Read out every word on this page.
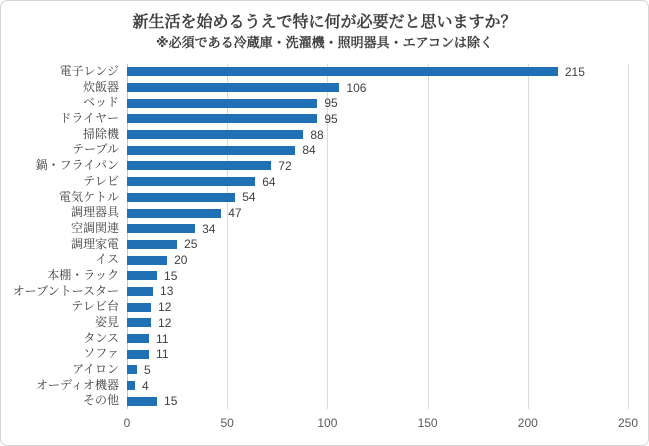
新生活を始めるうえで特に何が必要だと思いますか？
※必須である冷蔵庫・洗濯機・照明器具・エアコンは除く
電子レンジ
炊飯器
ベッド
ドライヤー
掃除機
テーブル
鍋・フライパン
テレビ
電気ケトル
調理器具
空調関連
調理家電
イス
本棚・ラック
オーブントースター
テレビ台
姿見
タンス
ソファ
アイロン
オーディオ機器
その他
215
106
95
95
88
84
72
64
54
47
34
25
20
15
13
12
12
11
11
5
4
15
0	50	100	150	200	250
